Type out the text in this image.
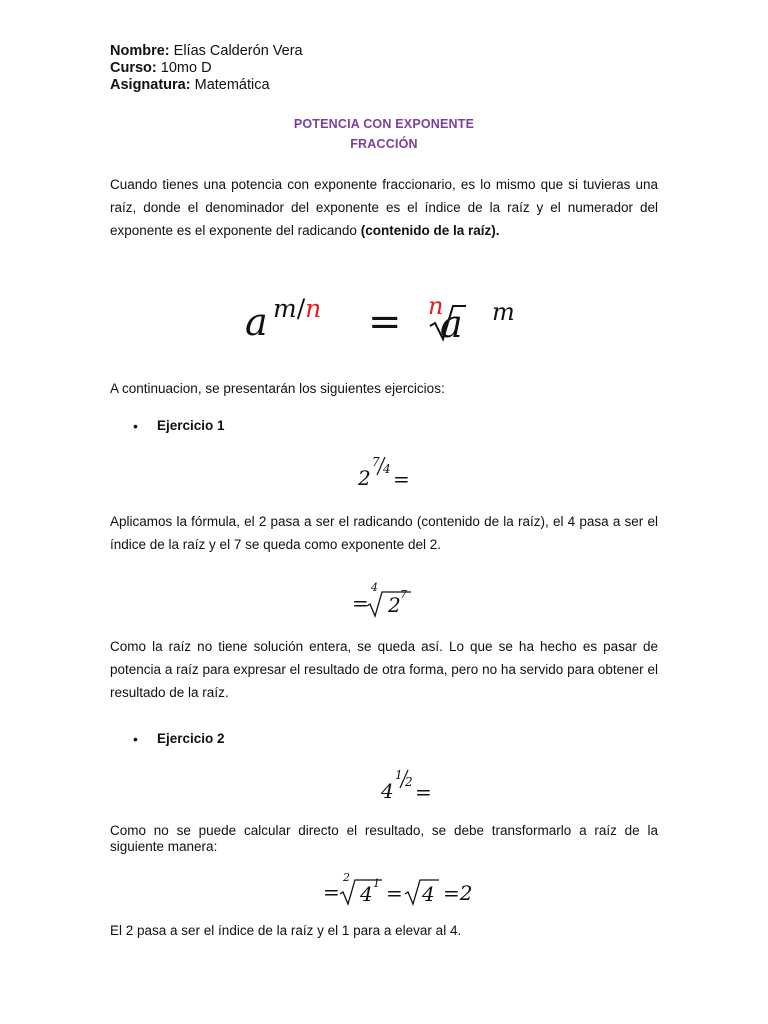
Nombre: Elías Calderón Vera
Curso: 10mo D
Asignatura: Matemática
POTENCIA CON EXPONENTE
FRACCIÓN
Cuando tienes una potencia con exponente fraccionario, es lo mismo que si tuvieras una raíz, donde el denominador del exponente es el índice de la raíz y el numerador del exponente es el exponente del radicando (contenido de la raíz).
a m/n = n
a m
A continuacion, se presentarán los siguientes ejercicios:
• Ejercicio 1
2
7 4 =
Aplicamos la fórmula, el 2 pasa a ser el radicando (contenido de la raíz), el 4 pasa a ser el índice de la raíz y el 7 se queda como exponente del 2.
=
4
2 7
Como la raíz no tiene solución entera, se queda así. Lo que se ha hecho es pasar de potencia a raíz para expresar el resultado de otra forma, pero no ha servido para obtener el resultado de la raíz.
• Ejercicio 2
4
1 2 =
Como no se puede calcular directo el resultado, se debe transformarlo a raíz de la siguiente manera:
=
2
4 1 = 4 =2
El 2 pasa a ser el índice de la raíz y el 1 para a elevar al 4.
